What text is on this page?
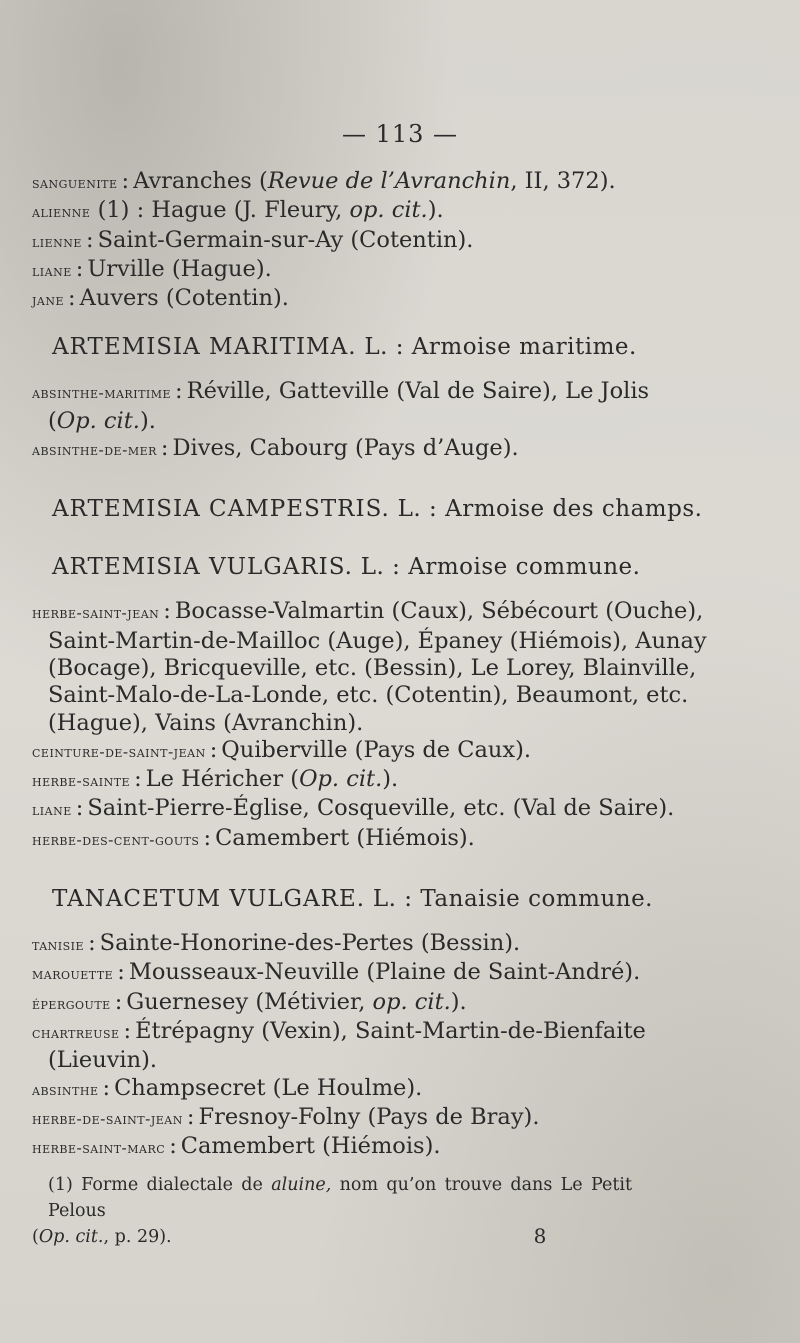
— 113 —

sanguenite : Avranches (Revue de l’Avranchin, II, 372).

alienne (1) : Hague (J. Fleury, op. cit.).

lienne : Saint-Germain-sur-Ay (Cotentin).

liane : Urville (Hague).

jane : Auvers (Cotentin).

ARTEMISIA MARITIMA. L. : Armoise maritime.

absinthe-maritime : Réville, Gatteville (Val de Saire), Le Jolis

(Op. cit.).

absinthe-de-mer : Dives, Cabourg (Pays d’Auge).

ARTEMISIA CAMPESTRIS. L. : Armoise des champs.

ARTEMISIA VULGARIS. L. : Armoise commune.

herbe-saint-jean : Bocasse-Valmartin (Caux), Sébécourt (Ouche),

Saint-Martin-de-Mailloc (Auge), Épaney (Hiémois), Aunay

(Bocage), Bricqueville, etc. (Bessin), Le Lorey, Blainville,

Saint-Malo-de-La-Londe, etc. (Cotentin), Beaumont, etc.

(Hague), Vains (Avranchin).

ceinture-de-saint-jean : Quiberville (Pays de Caux).

herbe-sainte : Le Héricher (Op. cit.).

liane : Saint-Pierre-Église, Cosqueville, etc. (Val de Saire).

herbe-des-cent-gouts : Camembert (Hiémois).

TANACETUM VULGARE. L. : Tanaisie commune.

tanisie : Sainte-Honorine-des-Pertes (Bessin).

marouette : Mousseaux-Neuville (Plaine de Saint-André).

épergoute : Guernesey (Métivier, op. cit.).

chartreuse : Étrépagny (Vexin), Saint-Martin-de-Bienfaite

(Lieuvin).

absinthe : Champsecret (Le Houlme).

herbe-de-saint-jean : Fresnoy-Folny (Pays de Bray).

herbe-saint-marc : Camembert (Hiémois).

(1) Forme dialectale de aluine, nom qu’on trouve dans Le Petit Pelous
(Op. cit., p. 29).	8
